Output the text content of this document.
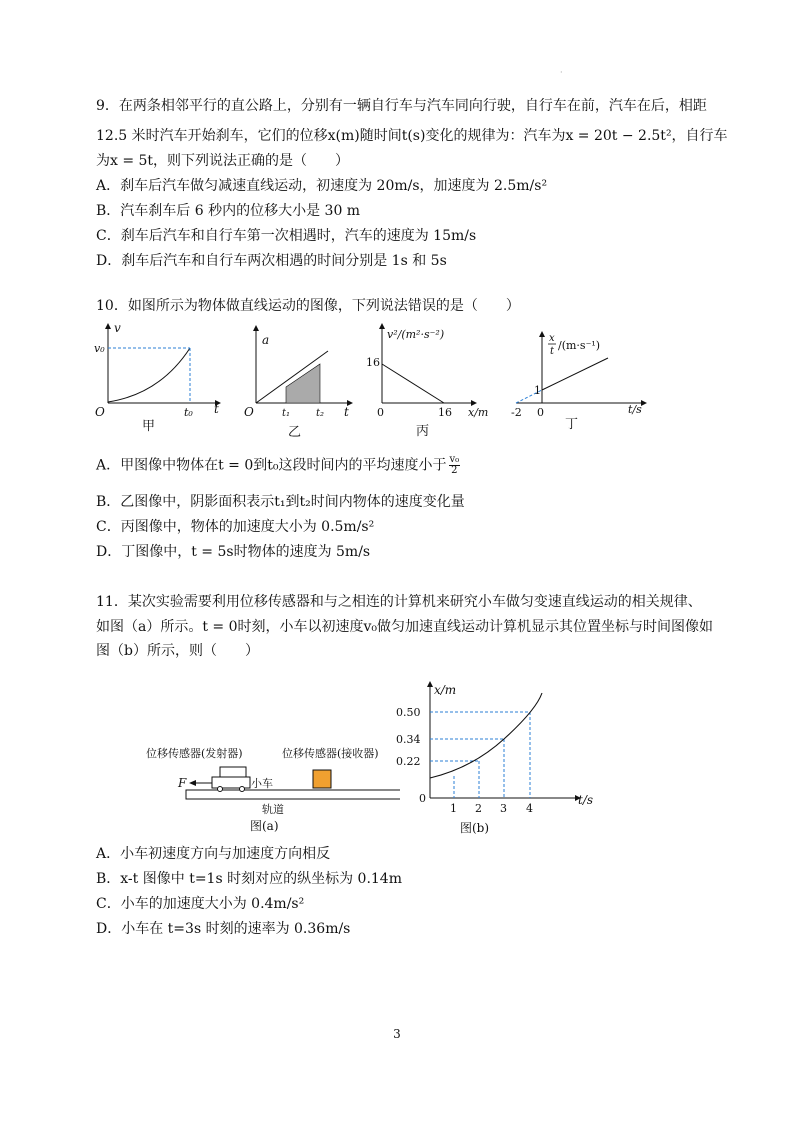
·
9．在两条相邻平行的直公路上，分别有一辆自行车与汽车同向行驶，自行车在前，汽车在后，相距
12.5 米时汽车开始刹车，它们的位移x(m)随时间t(s)变化的规律为：汽车为x = 20t − 2.5t²，自行车
为x = 5t，则下列说法正确的是（　　）
A．刹车后汽车做匀减速直线运动，初速度为 20m/s，加速度为 2.5m/s²
B．汽车刹车后 6 秒内的位移大小是 30 m
C．刹车后汽车和自行车第一次相遇时，汽车的速度为 15m/s
D．刹车后汽车和自行车两次相遇的时间分别是 1s 和 5s
10．如图所示为物体做直线运动的图像，下列说法错误的是（　　）
v
v₀
O	t
t₀
甲
a
O	t
t₁	t₂
乙
v²/(m²·s⁻²)
16
0	16 x/m
丙
x
t /(m·s⁻¹)
1
-2 0	t/s
丁
A．甲图像中物体在t = 0到t₀这段时间内的平均速度小于 $\frac{\text{v₀}}{2}$
B．乙图像中，阴影面积表示t₁到t₂时间内物体的速度变化量
C．丙图像中，物体的加速度大小为 0.5m/s²
D．丁图像中，t = 5s时物体的速度为 5m/s
11．某次实验需要利用位移传感器和与之相连的计算机来研究小车做匀变速直线运动的相关规律、
如图（a）所示。t = 0时刻，小车以初速度v₀做匀加速直线运动计算机显示其位置坐标与时间图像如
图（b）所示，则（　　）
位移传感器(发射器)	位移传感器(接收器)
F	小车
轨道
图(a)
x/m
t/s
0
0.50
0.34
0.22
1 2 3 4
图(b)
A．小车初速度方向与加速度方向相反
B．x-t 图像中 t=1s 时刻对应的纵坐标为 0.14m
C．小车的加速度大小为 0.4m/s²
D．小车在 t=3s 时刻的速率为 0.36m/s
3
